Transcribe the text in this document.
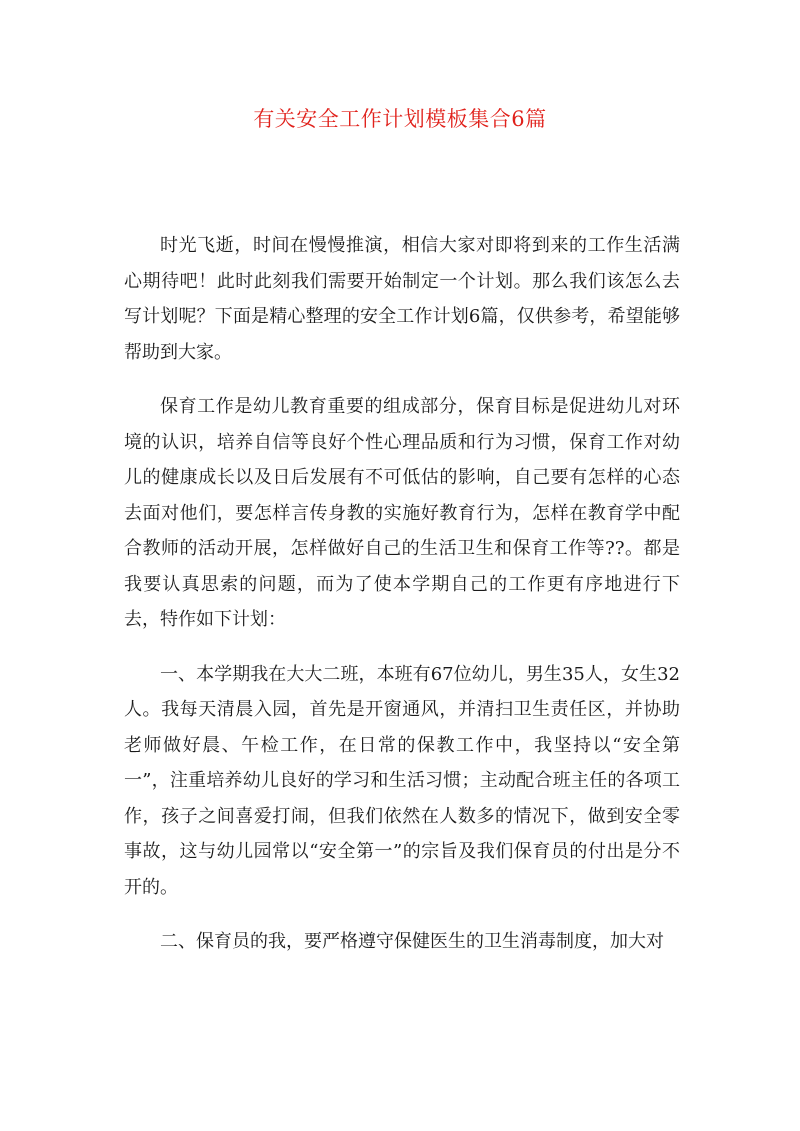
有关安全工作计划模板集合6篇

时光飞逝，时间在慢慢推演，相信大家对即将到来的工作生活满心期待吧！此时此刻我们需要开始制定一个计划。那么我们该怎么去写计划呢？下面是精心整理的安全工作计划6篇，仅供参考，希望能够帮助到大家。

保育工作是幼儿教育重要的组成部分，保育目标是促进幼儿对环境的认识，培养自信等良好个性心理品质和行为习惯，保育工作对幼儿的健康成长以及日后发展有不可低估的影响，自己要有怎样的心态去面对他们，要怎样言传身教的实施好教育行为，怎样在教育学中配合教师的活动开展，怎样做好自己的生活卫生和保育工作等??。都是我要认真思索的问题，而为了使本学期自己的工作更有序地进行下去，特作如下计划：

一、本学期我在大大二班，本班有67位幼儿，男生35人，女生32人。我每天清晨入园，首先是开窗通风，并清扫卫生责任区，并协助老师做好晨、午检工作，在日常的保教工作中，我坚持以“安全第一”，注重培养幼儿良好的学习和生活习惯；主动配合班主任的各项工作，孩子之间喜爱打闹，但我们依然在人数多的情况下，做到安全零事故，这与幼儿园常以“安全第一”的宗旨及我们保育员的付出是分不开的。

二、保育员的我，要严格遵守保健医生的卫生消毒制度，加大对
